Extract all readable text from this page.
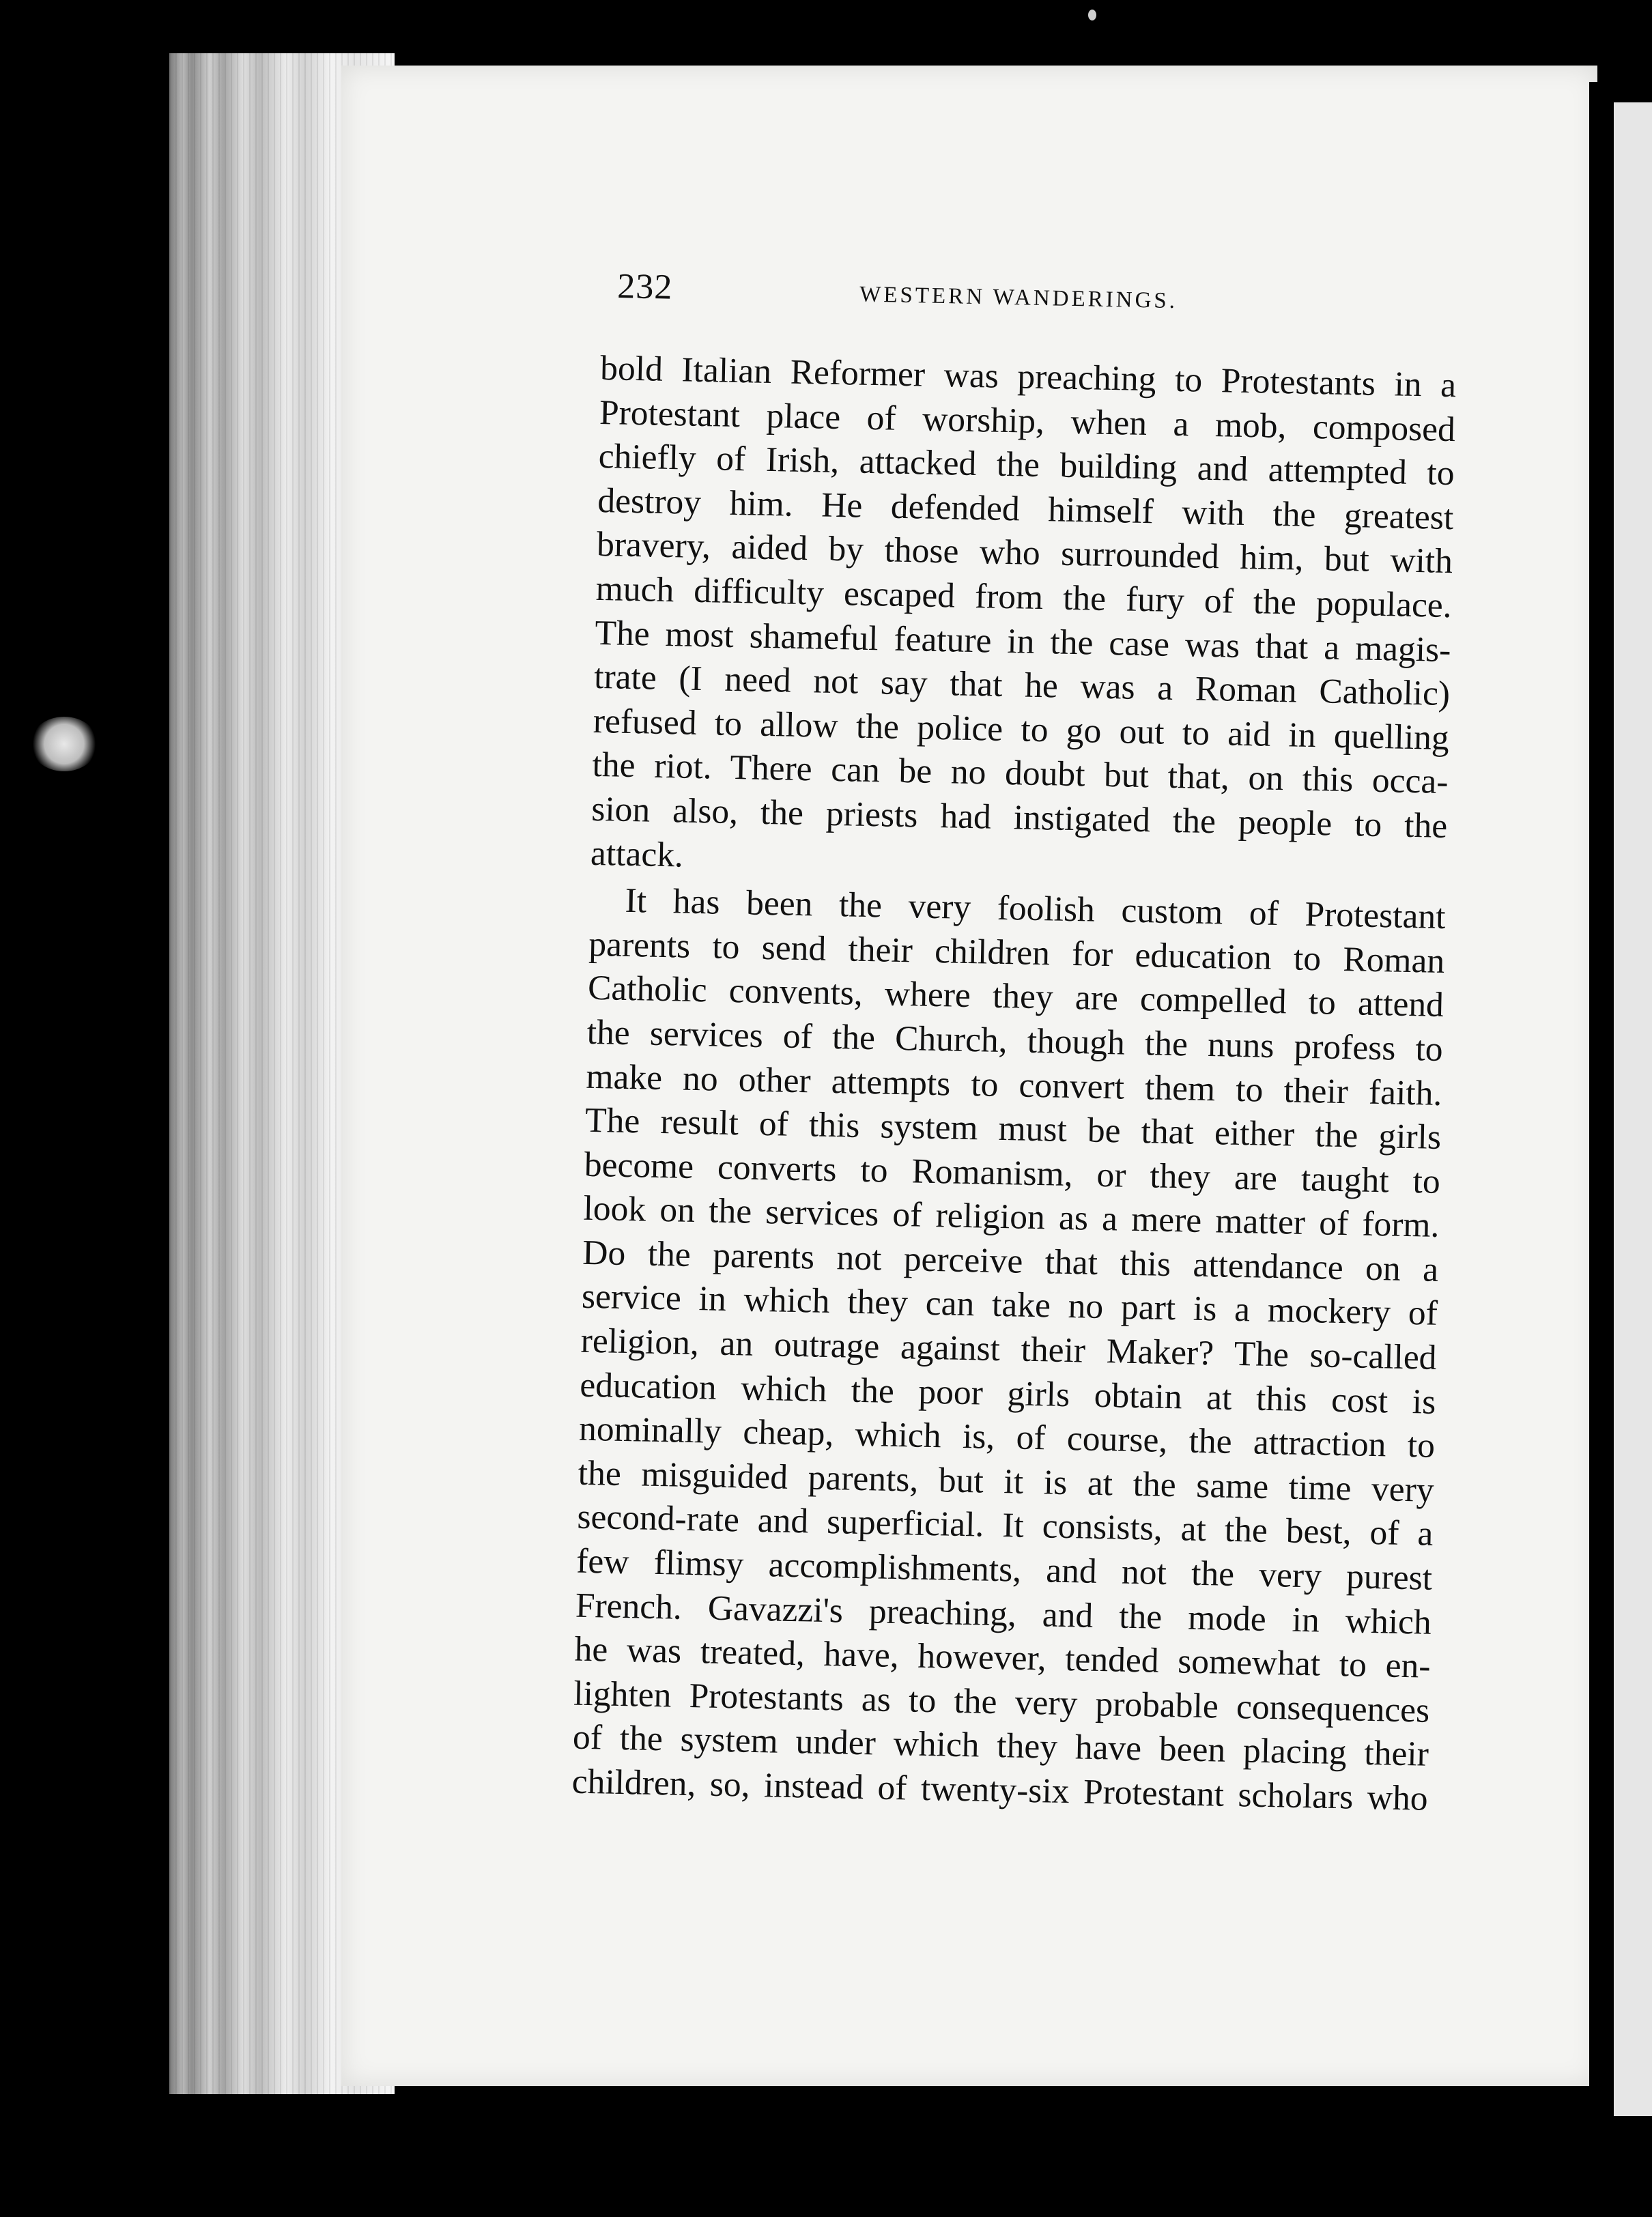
232	WESTERN WANDERINGS.
bold Italian Reformer was preaching to Protestants in a
Protestant place of worship, when a mob, composed
chiefly of Irish, attacked the building and attempted to
destroy him. He defended himself with the greatest
bravery, aided by those who surrounded him, but with
much difficulty escaped from the fury of the populace.
The most shameful feature in the case was that a magis-
trate (I need not say that he was a Roman Catholic)
refused to allow the police to go out to aid in quelling
the riot. There can be no doubt but that, on this occa-
sion also, the priests had instigated the people to the
attack.
It has been the very foolish custom of Protestant
parents to send their children for education to Roman
Catholic convents, where they are compelled to attend
the services of the Church, though the nuns profess to
make no other attempts to convert them to their faith.
The result of this system must be that either the girls
become converts to Romanism, or they are taught to
look on the services of religion as a mere matter of form.
Do the parents not perceive that this attendance on a
service in which they can take no part is a mockery of
religion, an outrage against their Maker? The so-called
education which the poor girls obtain at this cost is
nominally cheap, which is, of course, the attraction to
the misguided parents, but it is at the same time very
second-rate and superficial. It consists, at the best, of a
few flimsy accomplishments, and not the very purest
French. Gavazzi's preaching, and the mode in which
he was treated, have, however, tended somewhat to en-
lighten Protestants as to the very probable consequences
of the system under which they have been placing their
children, so, instead of twenty-six Protestant scholars who
